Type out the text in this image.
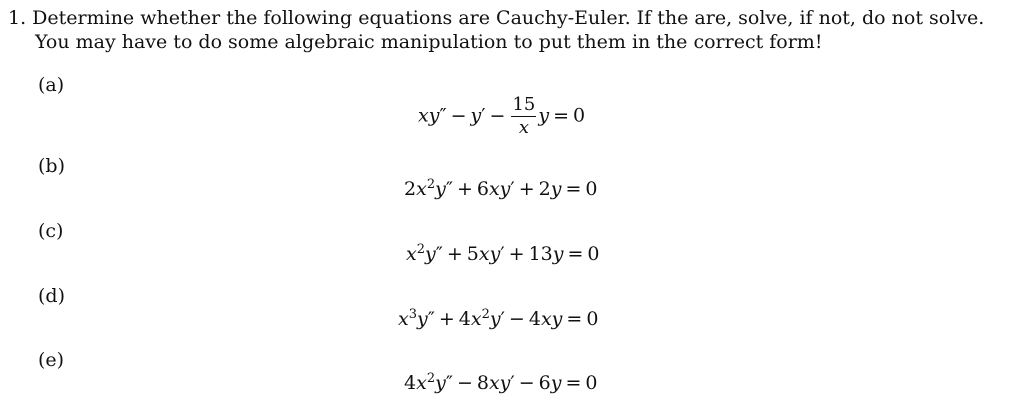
1. Determine whether the following equations are Cauchy-Euler. If the are, solve, if not, do not solve.
You may have to do some algebraic manipulation to put them in the correct form!
(a)
$xy'' - y' - \frac{15}{x}$ y = 0
(b)
$2x^2y'' + 6xy' + 2y = 0$
(c)
$x^2y'' + 5xy' + 13y = 0$
(d)
$x^3y'' + 4x^2y' - 4xy = 0$
(e)
$4x^2y'' - 8xy' - 6y = 0$
